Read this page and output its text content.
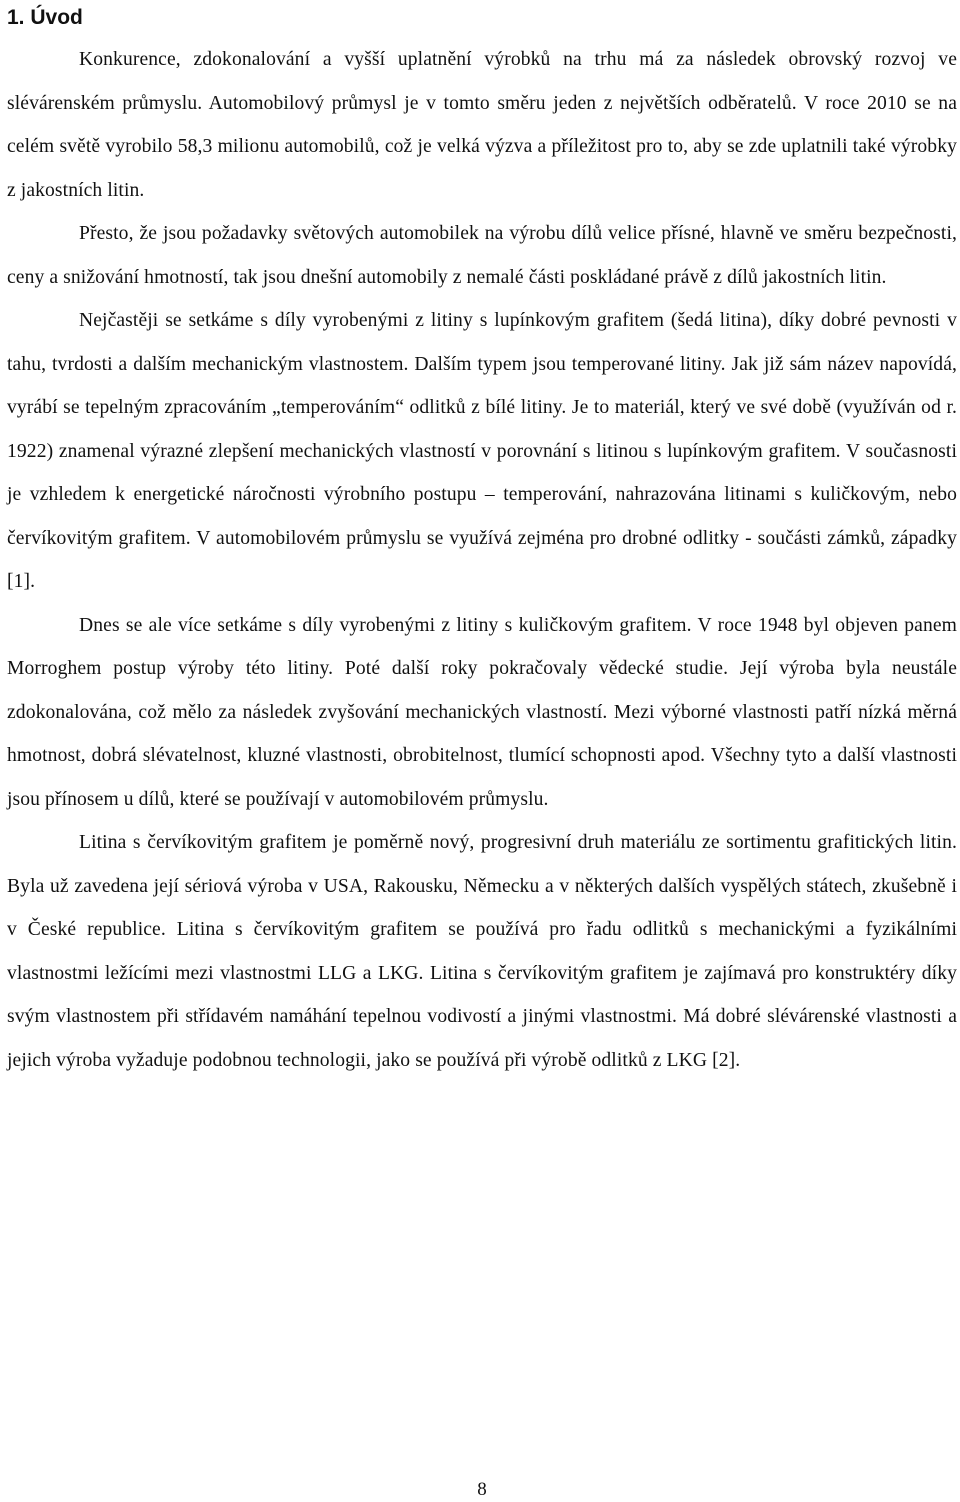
1. Úvod

Konkurence, zdokonalování a vyšší uplatnění výrobků na trhu má za následek obrovský rozvoj ve slévárenském průmyslu. Automobilový průmysl je v tomto směru jeden z největších odběratelů. V roce 2010 se na celém světě vyrobilo 58,3 milionu automobilů, což je velká výzva a příležitost pro to, aby se zde uplatnili také výrobky z jakostních litin.

Přesto, že jsou požadavky světových automobilek na výrobu dílů velice přísné, hlavně ve směru bezpečnosti, ceny a snižování hmotností, tak jsou dnešní automobily z nemalé části poskládané právě z dílů jakostních litin.

Nejčastěji se setkáme s díly vyrobenými z litiny s lupínkovým grafitem (šedá litina), díky dobré pevnosti v tahu, tvrdosti a dalším mechanickým vlastnostem. Dalším typem jsou temperované litiny. Jak již sám název napovídá, vyrábí se tepelným zpracováním „temperováním“ odlitků z bílé litiny. Je to materiál, který ve své době (využíván od r. 1922) znamenal výrazné zlepšení mechanických vlastností v porovnání s litinou s lupínkovým grafitem. V současnosti je vzhledem k energetické náročnosti výrobního postupu – temperování, nahrazována litinami s kuličkovým, nebo červíkovitým grafitem. V automobilovém průmyslu se využívá zejména pro drobné odlitky - součásti zámků, západky [1].

Dnes se ale více setkáme s díly vyrobenými z litiny s kuličkovým grafitem. V roce 1948 byl objeven panem Morroghem postup výroby této litiny. Poté další roky pokračovaly vědecké studie. Její výroba byla neustále zdokonalována, což mělo za následek zvyšování mechanických vlastností. Mezi výborné vlastnosti patří nízká měrná hmotnost, dobrá slévatelnost, kluzné vlastnosti, obrobitelnost, tlumící schopnosti apod. Všechny tyto a další vlastnosti jsou přínosem u dílů, které se používají v automobilovém průmyslu.

Litina s červíkovitým grafitem je poměrně nový, progresivní druh materiálu ze sortimentu grafitických litin. Byla už zavedena její sériová výroba v USA, Rakousku, Německu a v některých dalších vyspělých státech, zkušebně i v České republice. Litina s červíkovitým grafitem se používá pro řadu odlitků s mechanickými a fyzikálními vlastnostmi ležícími mezi vlastnostmi LLG a LKG. Litina s červíkovitým grafitem je zajímavá pro konstruktéry díky svým vlastnostem při střídavém namáhání tepelnou vodivostí a jinými vlastnostmi. Má dobré slévárenské vlastnosti a jejich výroba vyžaduje podobnou technologii, jako se používá při výrobě odlitků z LKG [2].

8
